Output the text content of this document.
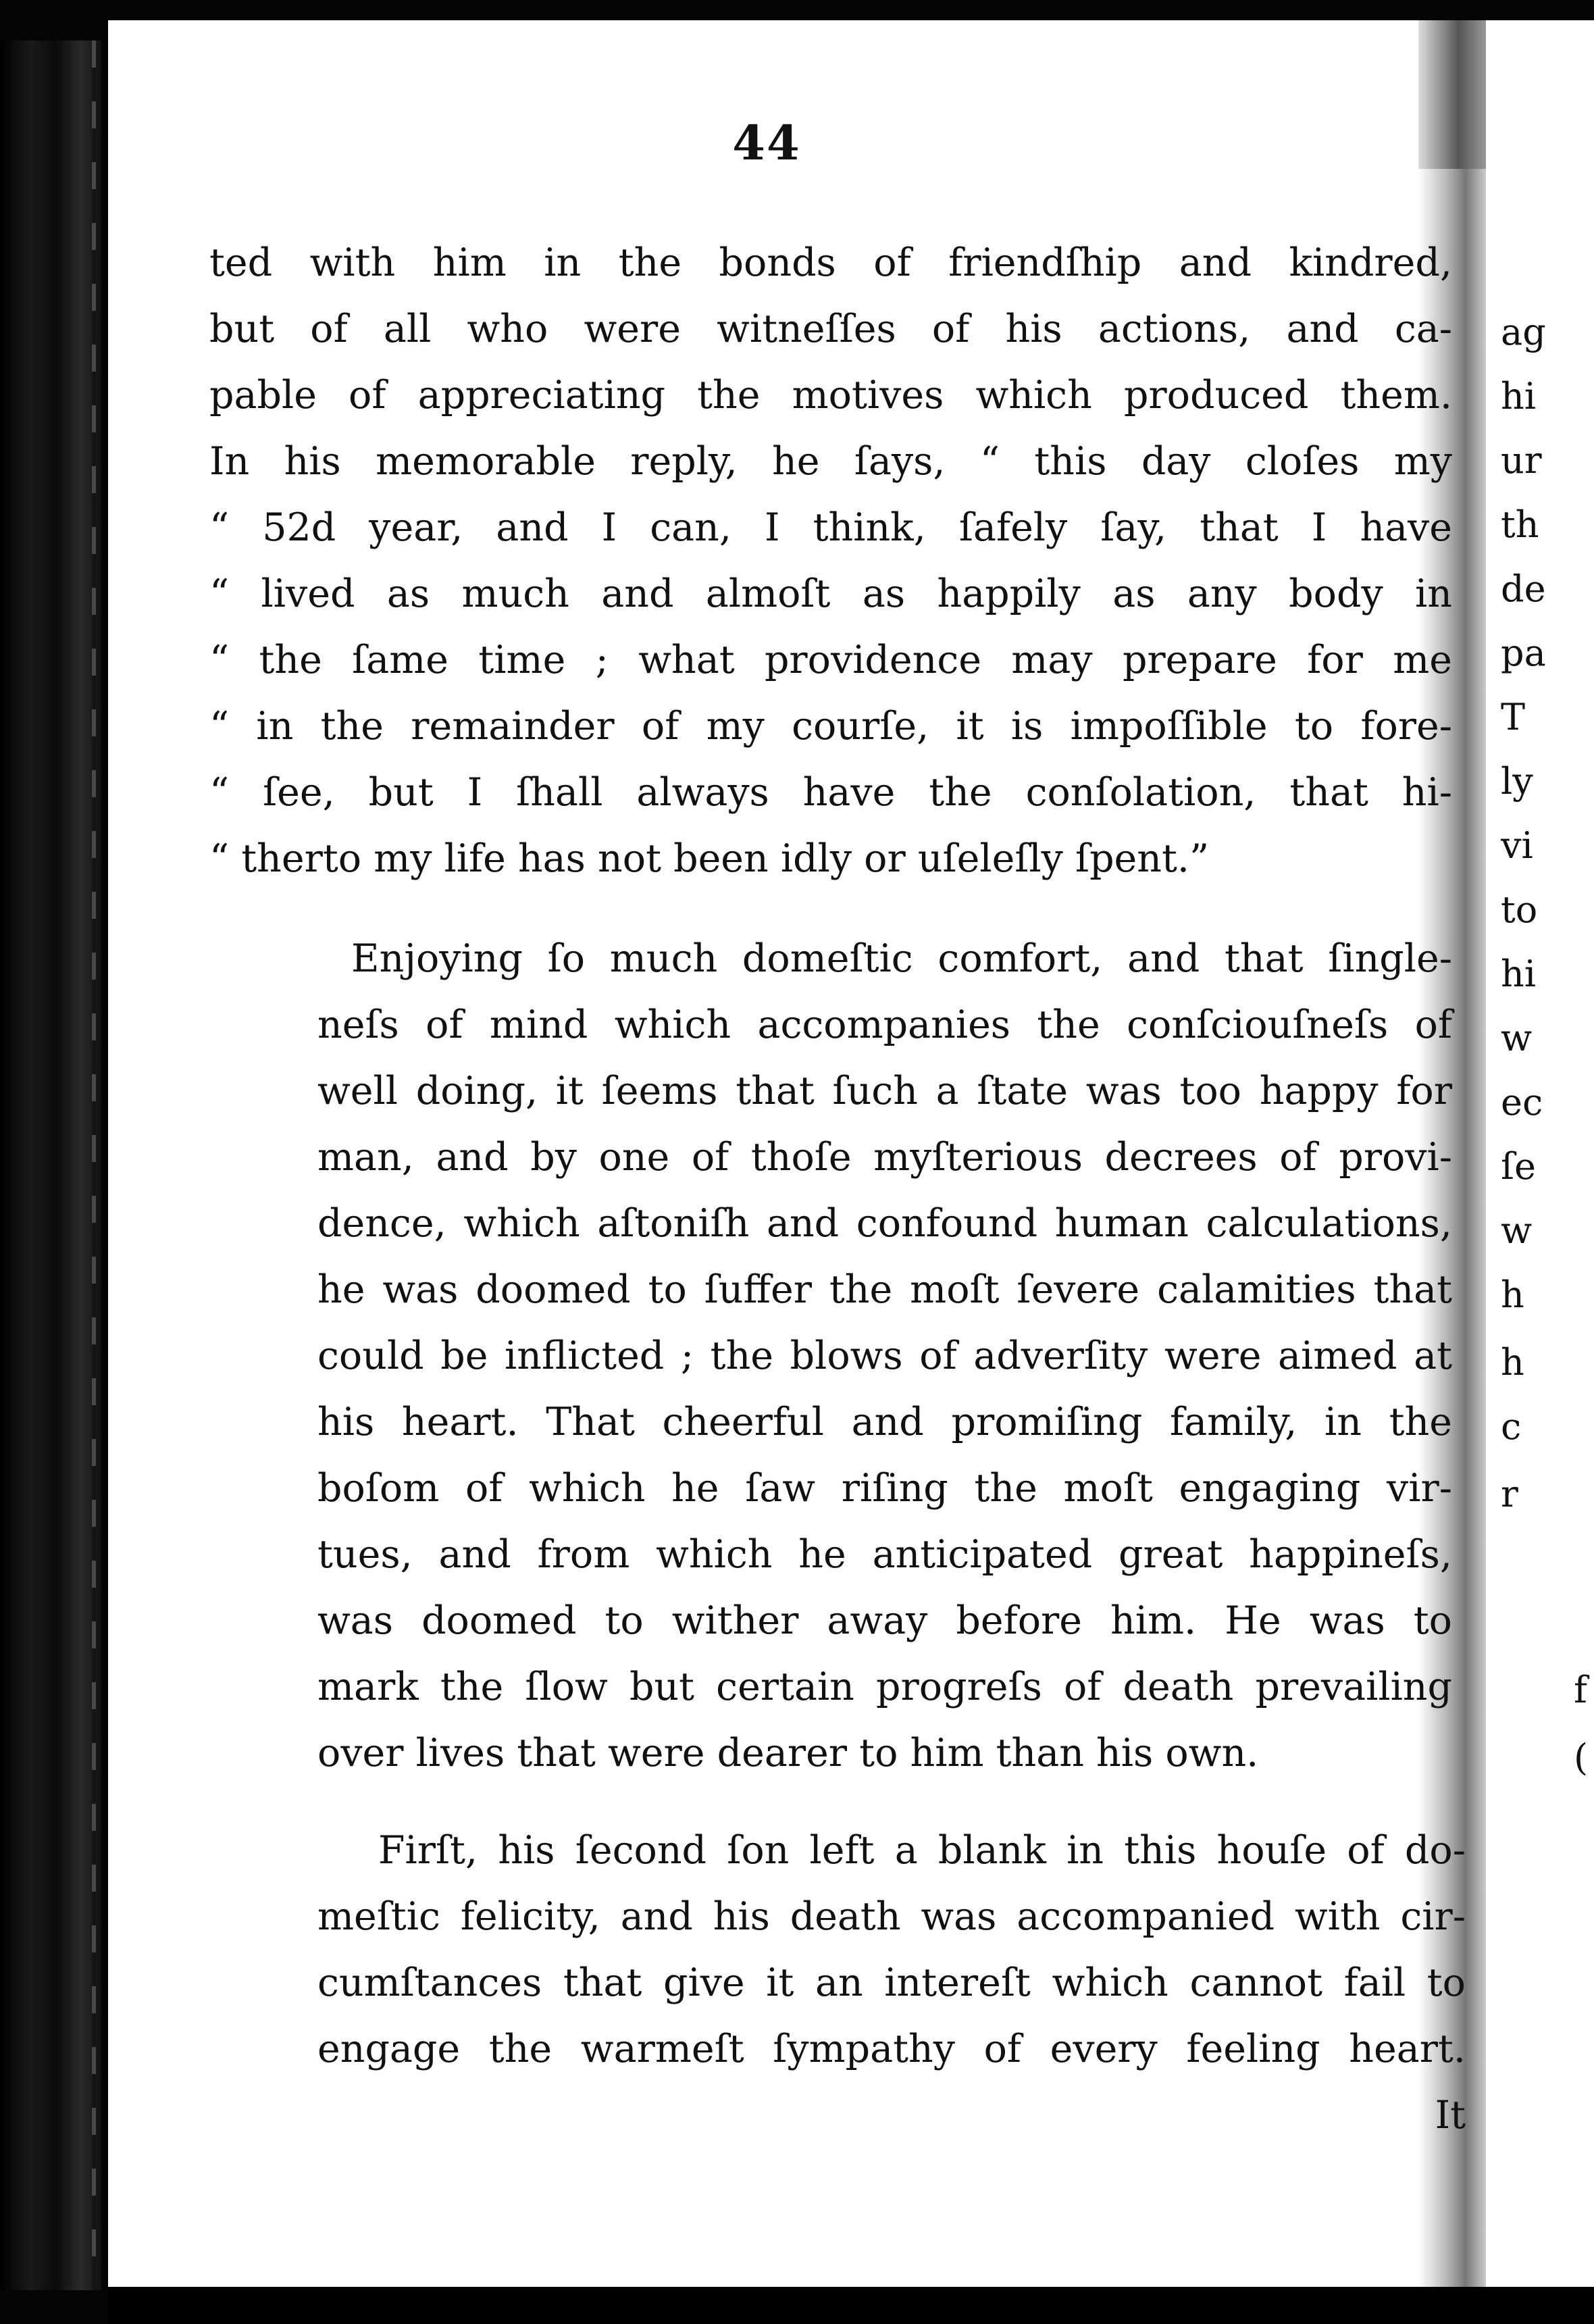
44
ted with him in the bonds of friendſhip and kindred,
but of all who were witneſſes of his actions, and ca-
pable of appreciating the motives which produced them.
In his memorable reply, he ſays, “ this day cloſes my
“ 52d year, and I can, I think, ſafely ſay, that I have
“ lived as much and almoſt as happily as any body in
“ the ſame time ; what providence may prepare for me
“ in the remainder of my courſe, it is impoſſible to fore-
“ ſee, but I ſhall always have the conſolation, that hi-
“ therto my life has not been idly or uſeleſly ſpent.”
Enjoying ſo much domeſtic comfort, and that ſingle-
neſs of mind which accompanies the conſciouſneſs of
well doing, it ſeems that ſuch a ſtate was too happy for
man, and by one of thoſe myſterious decrees of provi-
dence, which aſtoniſh and confound human calculations,
he was doomed to ſuffer the moſt ſevere calamities that
could be inflicted ; the blows of adverſity were aimed at
his heart. That cheerful and promiſing family, in the
boſom of which he ſaw riſing the moſt engaging vir-
tues, and from which he anticipated great happineſs,
was doomed to wither away before him. He was to
mark the ſlow but certain progreſs of death prevailing
over lives that were dearer to him than his own.
Firſt, his ſecond ſon left a blank in this houſe of do-
meſtic felicity, and his death was accompanied with cir-
cumſtances that give it an intereſt which cannot fail to
engage the warmeſt ſympathy of every feeling heart.
It
ag
hi
ur
th
de
pa
T
ly
vi
to
hi
w
ec
ſe
w
h
h
c
r
f
(
